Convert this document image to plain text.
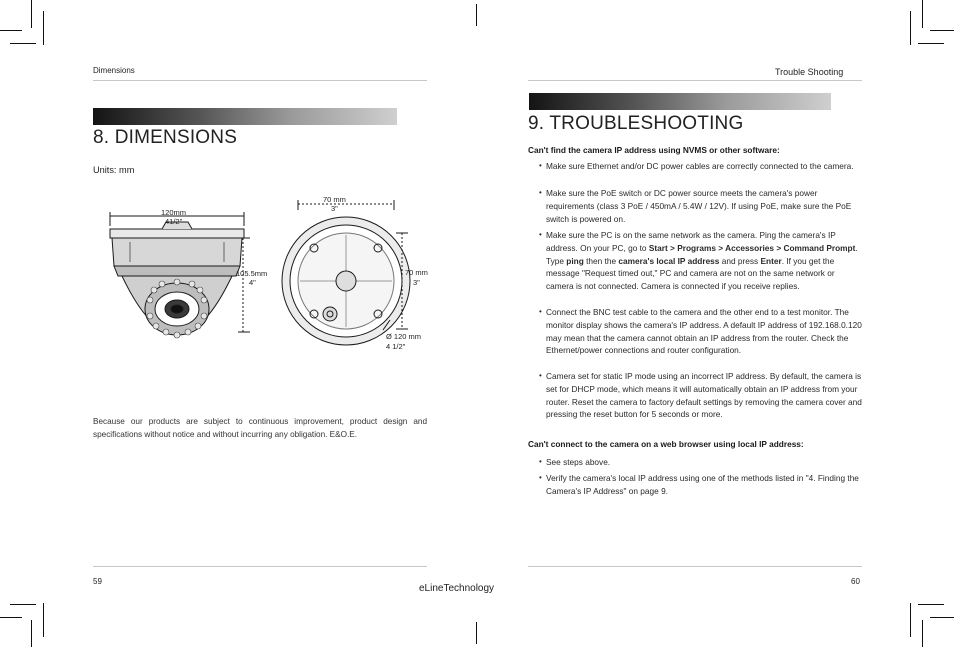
Dimensions
8. DIMENSIONS
Units: mm
120mm
41/2"
105.5mm
4"
70 mm
3"
70 mm
3"
Ø 120 mm
4 1/2"
Because our products are subject to continuous improvement, product design and specifications without notice and without incurring any obligation. E&O.E.
59
Trouble Shooting
9. TROUBLESHOOTING
Can't find the camera IP address using NVMS or other software:
• Make sure Ethernet and/or DC power cables are correctly connected to the camera.
• Make sure the PoE switch or DC power source meets the camera's power requirements (class 3 PoE / 450mA / 5.4W / 12V). If using PoE, make sure the PoE switch is powered on.
• Make sure the PC is on the same network as the camera. Ping the camera's IP address. On your PC, go to Start > Programs > Accessories > Command Prompt. Type ping then the camera's local IP address and press Enter. If you get the message "Request timed out," PC and camera are not on the same network or camera is not connected. Camera is connected if you receive replies.
• Connect the BNC test cable to the camera and the other end to a test monitor. The monitor display shows the camera's IP address. A default IP address of 192.168.0.120 may mean that the camera cannot obtain an IP address from the router. Check the Ethernet/power connections and router configuration.
• Camera set for static IP mode using an incorrect IP address. By default, the camera is set for DHCP mode, which means it will automatically obtain an IP address from your router. Reset the camera to factory default settings by removing the camera cover and pressing the reset button for 5 seconds or more.
Can't connect to the camera on a web browser using local IP address:
• See steps above.
• Verify the camera's local IP address using one of the methods listed in "4. Finding the Camera's IP Address" on page 9.
60
eLineTechnology
